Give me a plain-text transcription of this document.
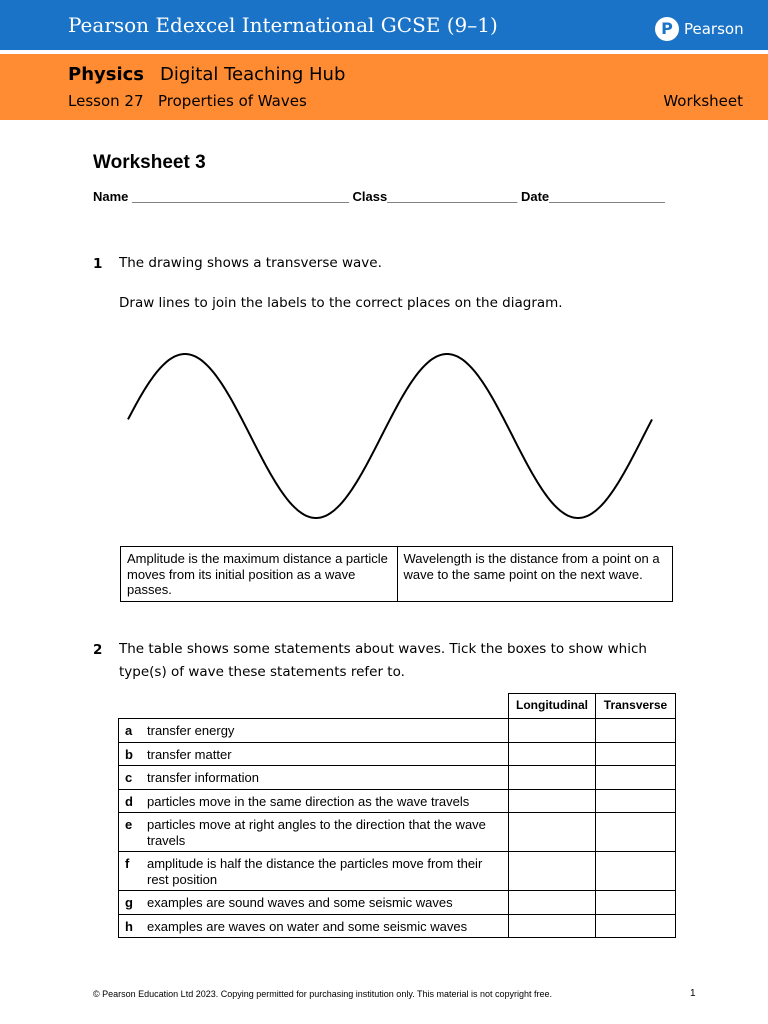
Pearson Edexcel International GCSE (9–1)	P Pearson
Physics Digital Teaching Hub
Lesson 27 Properties of Waves	Worksheet
Worksheet 3
Name ______________________________ Class__________________ Date________________
1 The drawing shows a transverse wave.
Draw lines to join the labels to the correct places on the diagram.
Amplitude is the maximum distance a particle moves from its initial position as a wave passes.
Wavelength is the distance from a point on a wave to the same point on the next wave.
2 The table shows some statements about waves. Tick the boxes to show which type(s) of wave these statements refer to.
	Longitudinal	Transverse
a transfer energy		
b transfer matter		
c transfer information		
d particles move in the same direction as the wave travels		
e particles move at right angles to the direction that the wave travels		
f amplitude is half the distance the particles move from their rest position		
g examples are sound waves and some seismic waves		
h examples are waves on water and some seismic waves		
© Pearson Education Ltd 2023. Copying permitted for purchasing institution only. This material is not copyright free.	1
